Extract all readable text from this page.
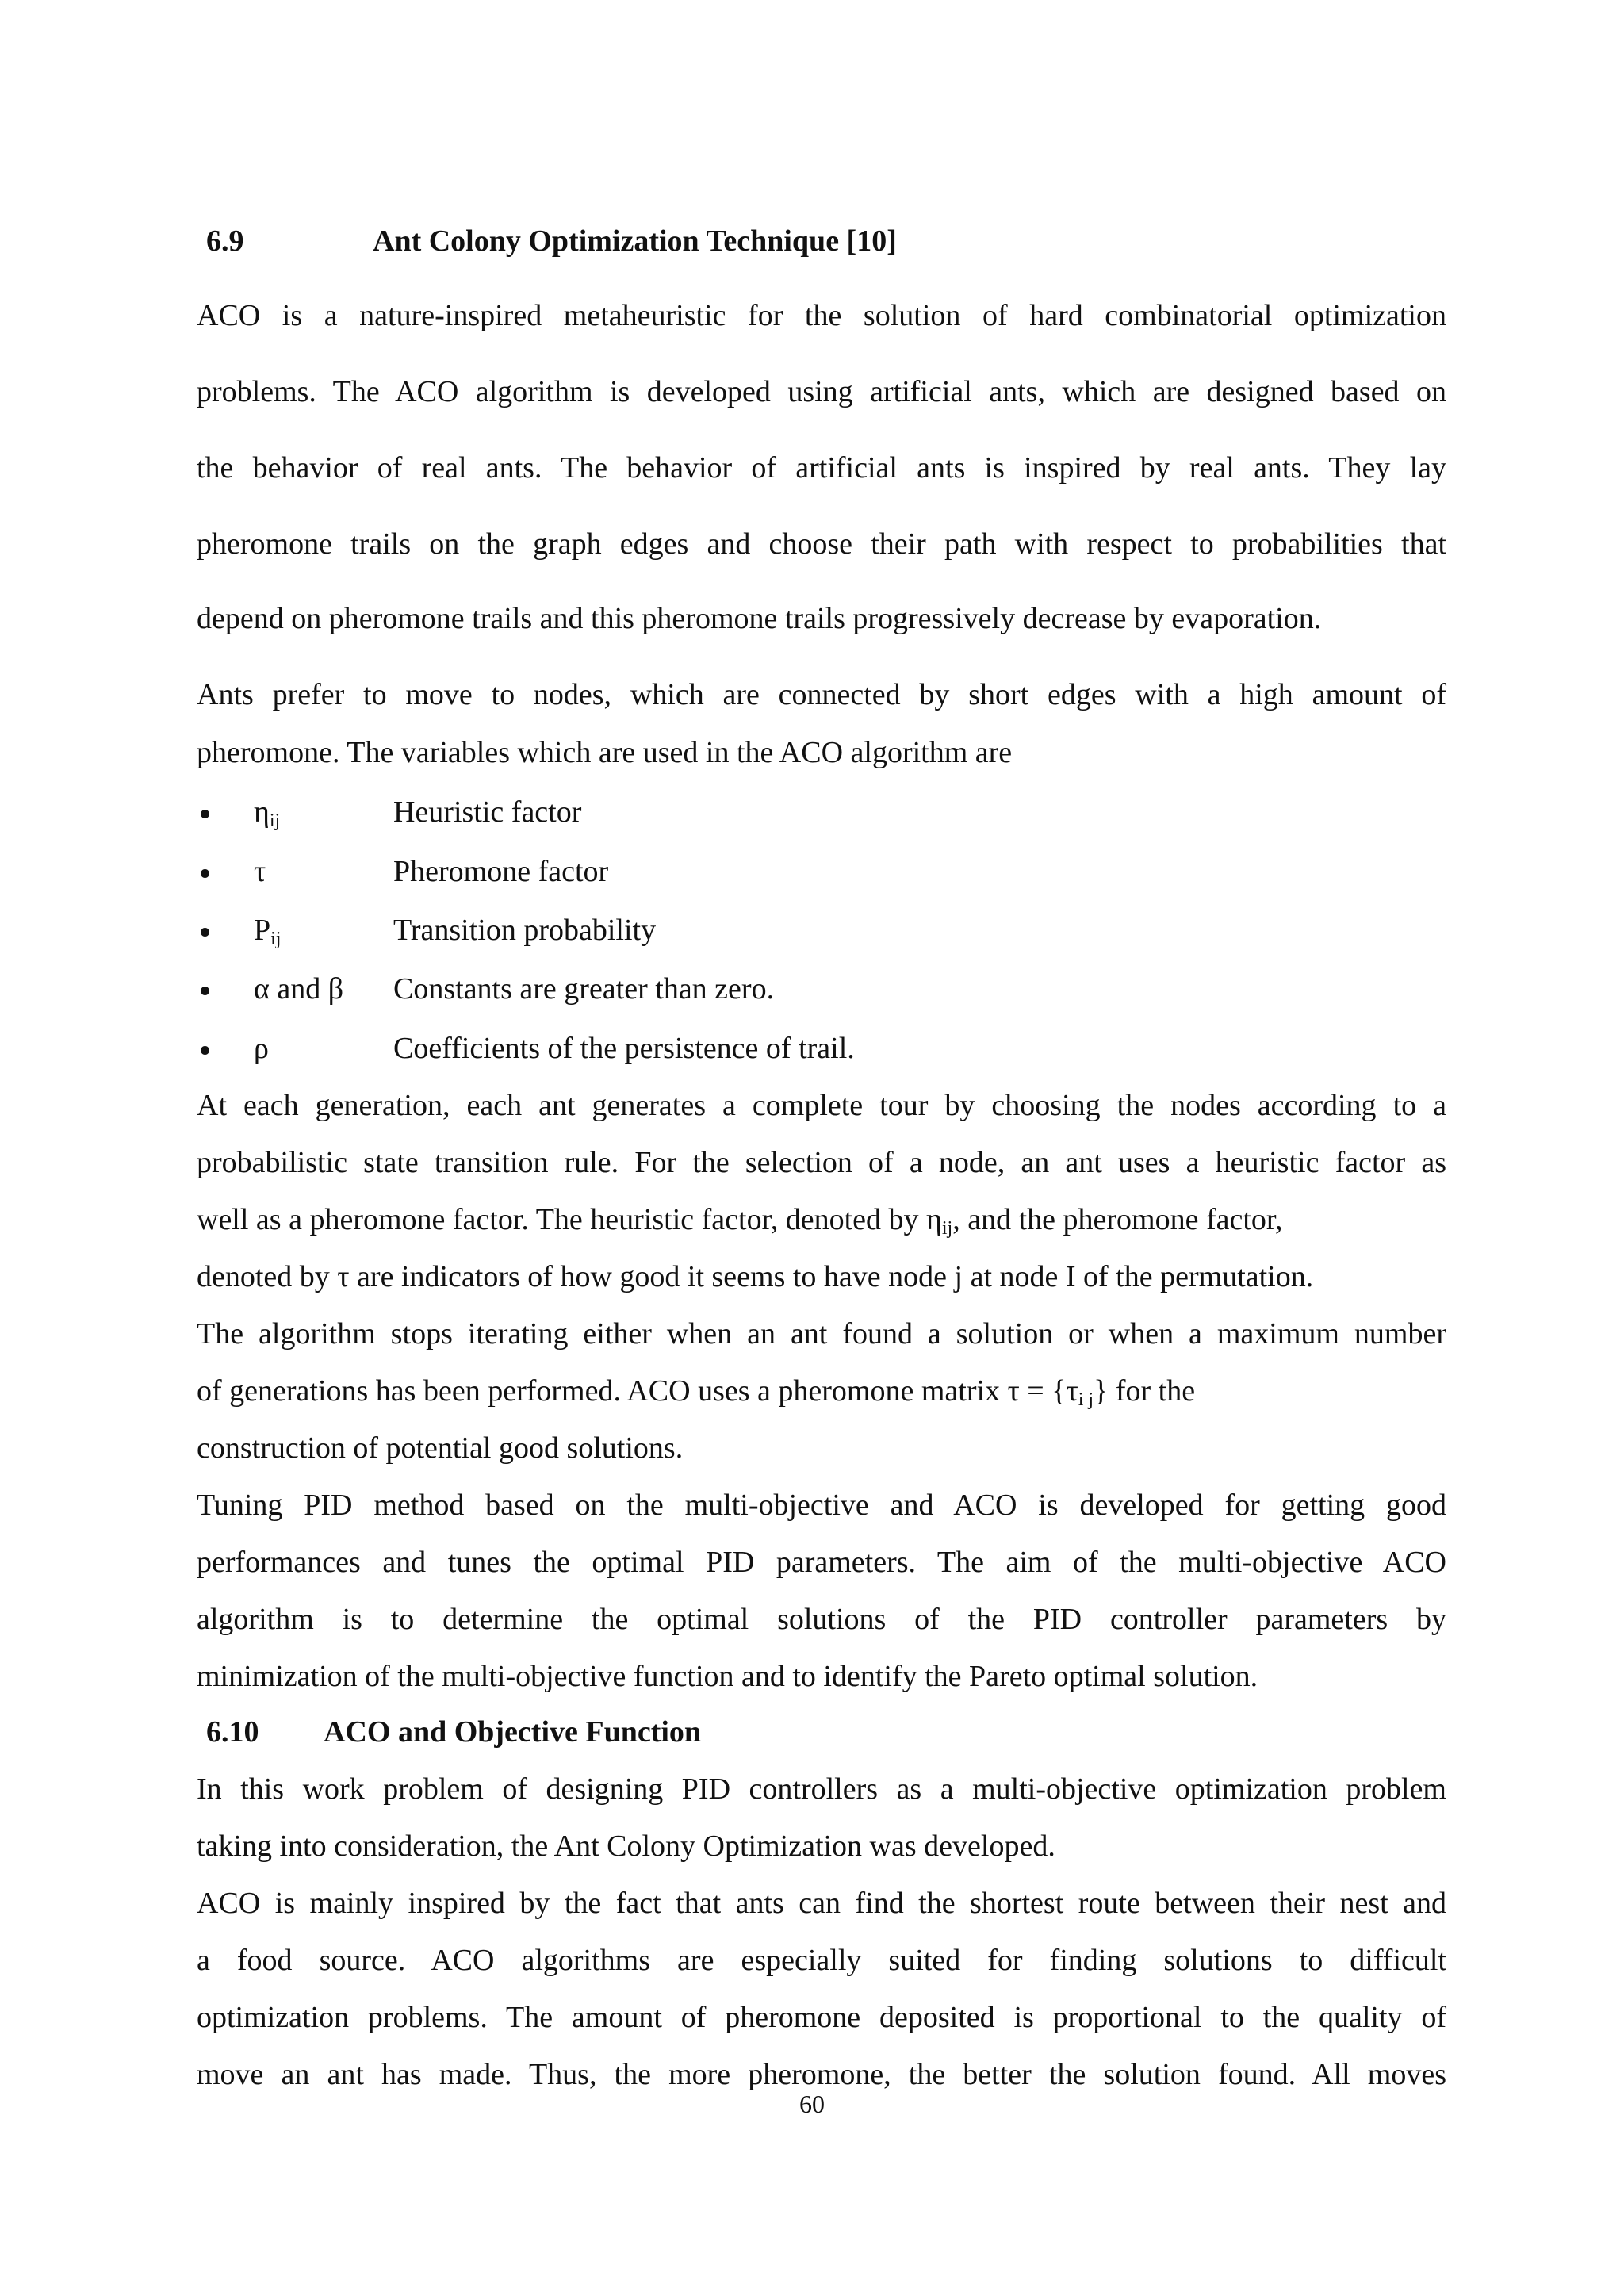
6.9	Ant Colony Optimization Technique [10]
ACO is a nature-inspired metaheuristic for the solution of hard combinatorial optimization
problems. The ACO algorithm is developed using artificial ants, which are designed based on
the behavior of real ants. The behavior of artificial ants is inspired by real ants. They lay
pheromone trails on the graph edges and choose their path with respect to probabilities that
depend on pheromone trails and this pheromone trails progressively decrease by evaporation.
Ants prefer to move to nodes, which are connected by short edges with a high amount of
pheromone. The variables which are used in the ACO algorithm are
$\eta_{ij}$	Heuristic factor
τ	Pheromone factor
$P_{ij}$	Transition probability
α and β Constants are greater than zero.
ρ	Coefficients of the persistence of trail.
At each generation, each ant generates a complete tour by choosing the nodes according to a
probabilistic state transition rule. For the selection of a node, an ant uses a heuristic factor as
well as a pheromone factor. The heuristic factor, denoted by $\eta_{ij}$, and the pheromone factor,
denoted by τ are indicators of how good it seems to have node j at node I of the permutation.
The algorithm stops iterating either when an ant found a solution or when a maximum number
of generations has been performed. ACO uses a pheromone matrix $\tau = \{\tau_{i j}\}$ for the
construction of potential good solutions.
Tuning PID method based on the multi-objective and ACO is developed for getting good
performances and tunes the optimal PID parameters. The aim of the multi-objective ACO
algorithm is to determine the optimal solutions of the PID controller parameters by
minimization of the multi-objective function and to identify the Pareto optimal solution.
6.10 ACO and Objective Function
In this work problem of designing PID controllers as a multi-objective optimization problem
taking into consideration, the Ant Colony Optimization was developed.
ACO is mainly inspired by the fact that ants can find the shortest route between their nest and
a food source. ACO algorithms are especially suited for finding solutions to difficult
optimization problems. The amount of pheromone deposited is proportional to the quality of
move an ant has made. Thus, the more pheromone, the better the solution found. All moves
60
